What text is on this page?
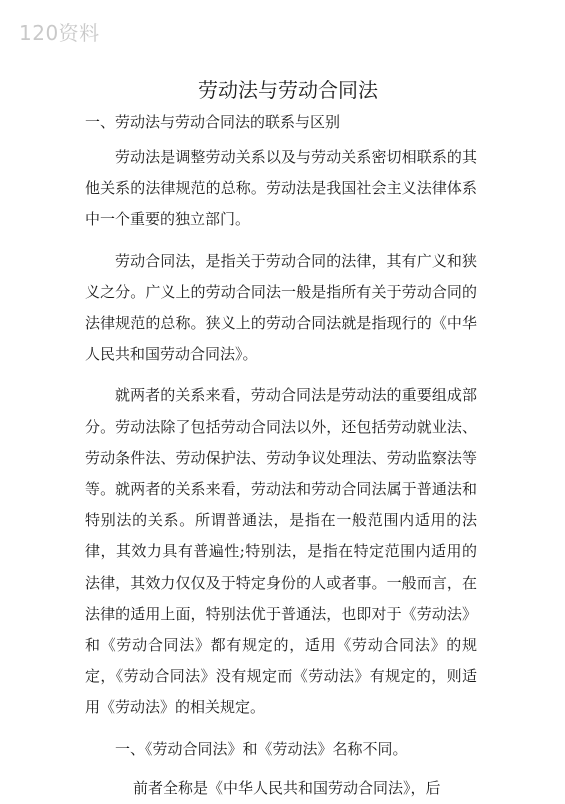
120资料
劳动法与劳动合同法
一、劳动法与劳动合同法的联系与区别
劳动法是调整劳动关系以及与劳动关系密切相联系的其他关系的法律规范的总称。劳动法是我国社会主义法律体系中一个重要的独立部门。
劳动合同法，是指关于劳动合同的法律，其有广义和狭义之分。广义上的劳动合同法一般是指所有关于劳动合同的法律规范的总称。狭义上的劳动合同法就是指现行的《中华人民共和国劳动合同法》。
就两者的关系来看，劳动合同法是劳动法的重要组成部分。劳动法除了包括劳动合同法以外，还包括劳动就业法、劳动条件法、劳动保护法、劳动争议处理法、劳动监察法等等。就两者的关系来看，劳动法和劳动合同法属于普通法和特别法的关系。所谓普通法，是指在一般范围内适用的法律，其效力具有普遍性;特别法，是指在特定范围内适用的法律，其效力仅仅及于特定身份的人或者事。一般而言，在法律的适用上面，特别法优于普通法，也即对于《劳动法》和《劳动合同法》都有规定的，适用《劳动合同法》的规定，《劳动合同法》没有规定而《劳动法》有规定的，则适用《劳动法》的相关规定。
一、《劳动合同法》和《劳动法》名称不同。
前者全称是《中华人民共和国劳动合同法》，后
